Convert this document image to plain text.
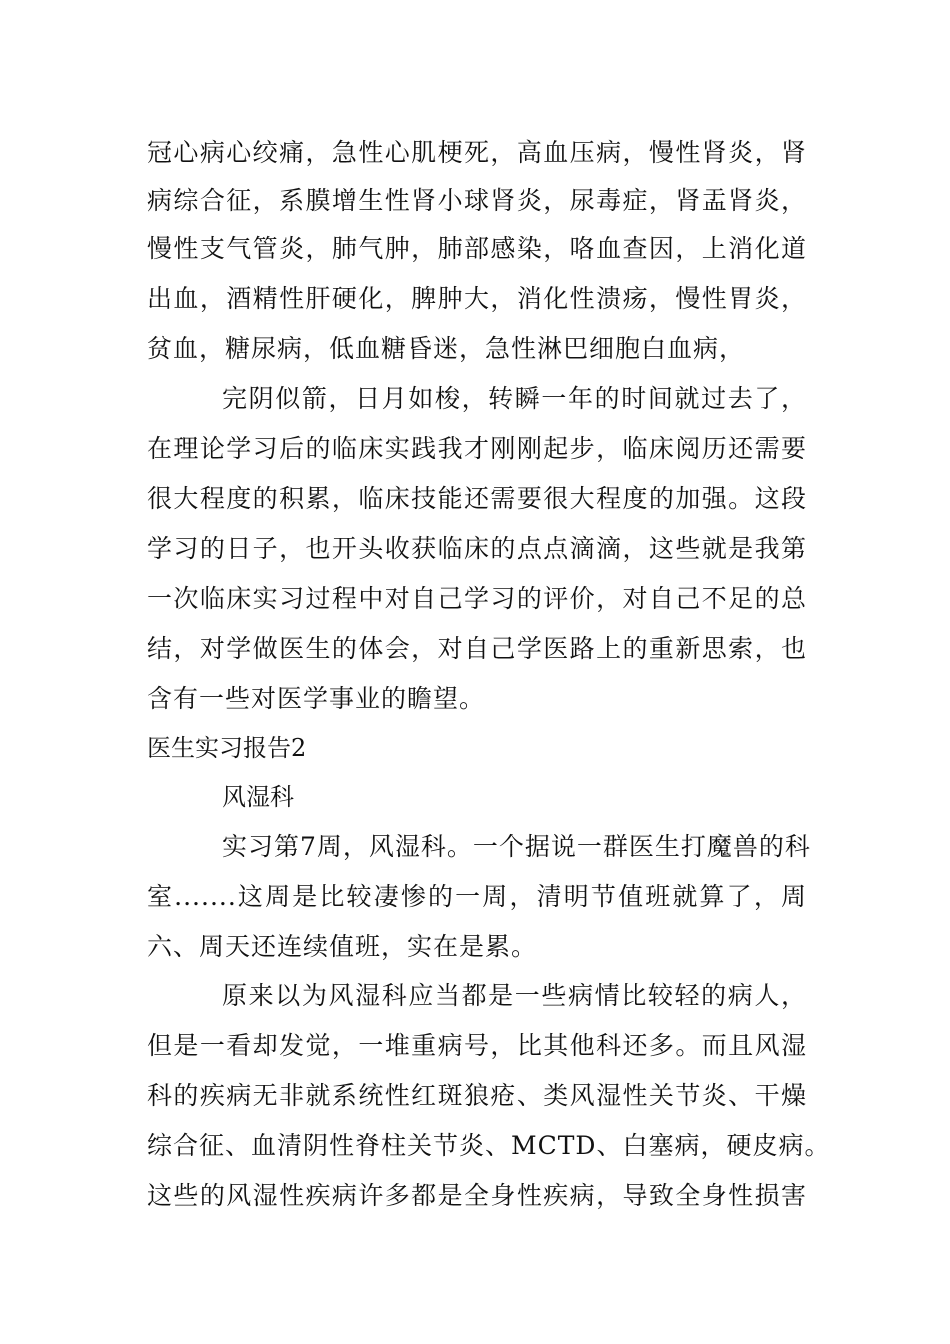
冠心病心绞痛，急性心肌梗死，高血压病，慢性肾炎，肾
病综合征，系膜增生性肾小球肾炎，尿毒症，肾盂肾炎，
慢性支气管炎，肺气肿，肺部感染，咯血查因，上消化道
出血，酒精性肝硬化，脾肿大，消化性溃疡，慢性胃炎，
贫血，糖尿病，低血糖昏迷，急性淋巴细胞白血病，
完阴似箭，日月如梭，转瞬一年的时间就过去了，
在理论学习后的临床实践我才刚刚起步，临床阅历还需要
很大程度的积累，临床技能还需要很大程度的加强。这段
学习的日子，也开头收获临床的点点滴滴，这些就是我第
一次临床实习过程中对自己学习的评价，对自己不足的总
结，对学做医生的体会，对自己学医路上的重新思索，也
含有一些对医学事业的瞻望。
医生实习报告2
风湿科
实习第7周，风湿科。一个据说一群医生打魔兽的科
室.......这周是比较凄惨的一周，清明节值班就算了，周
六、周天还连续值班，实在是累。
原来以为风湿科应当都是一些病情比较轻的病人，
但是一看却发觉，一堆重病号，比其他科还多。而且风湿
科的疾病无非就系统性红斑狼疮、类风湿性关节炎、干燥
综合征、血清阴性脊柱关节炎、MCTD、白塞病，硬皮病。
这些的风湿性疾病许多都是全身性疾病，导致全身性损害
